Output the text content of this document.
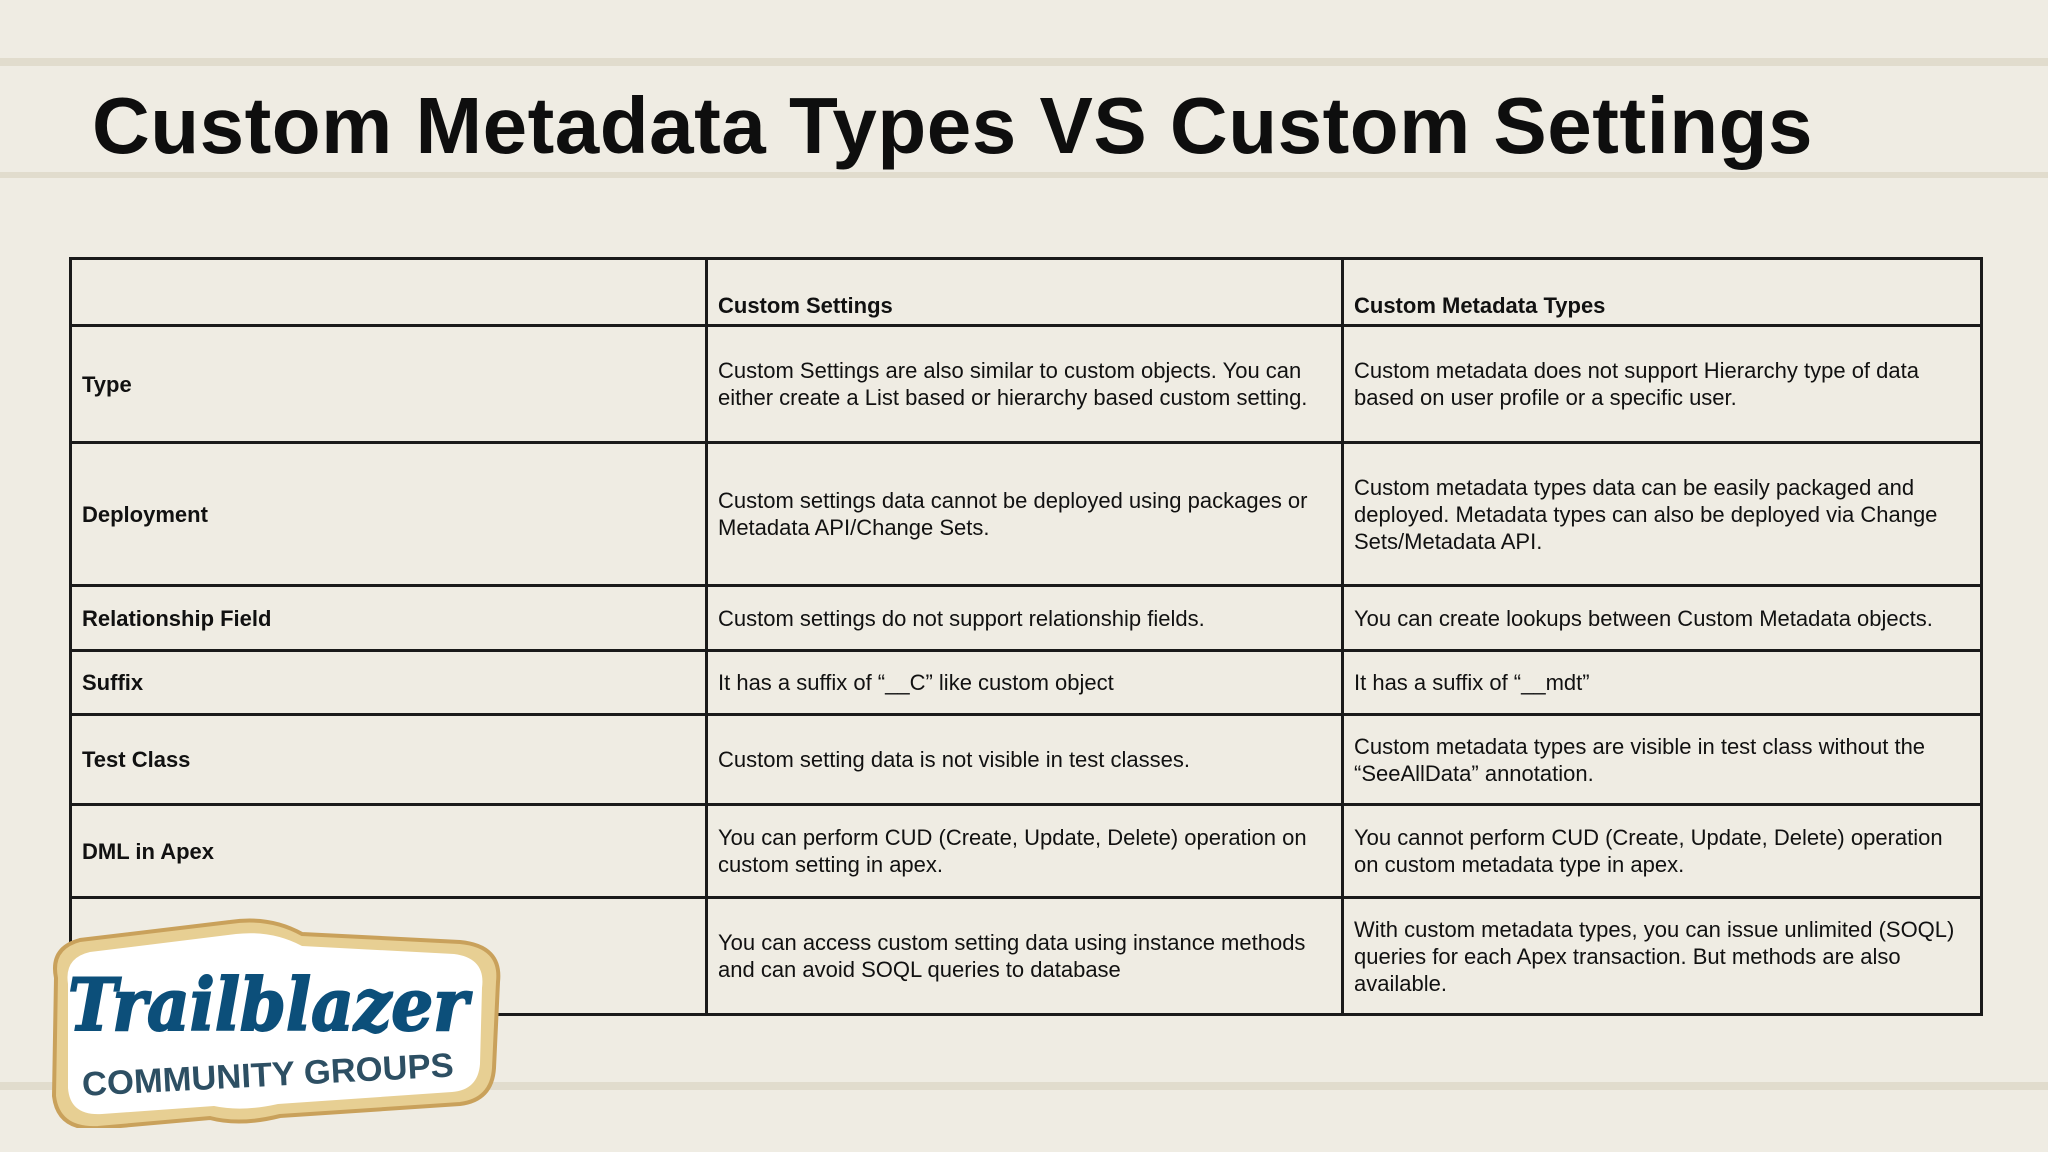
Custom Metadata Types VS Custom Settings
	Custom Settings	Custom Metadata Types
Type	Custom Settings are also similar to custom objects. You can either create a List based or hierarchy based custom setting.	Custom metadata does not support Hierarchy type of data based on user profile or a specific user.
Deployment	Custom settings data cannot be deployed using packages or Metadata API/Change Sets.	Custom metadata types data can be easily packaged and deployed. Metadata types can also be deployed via Change Sets/Metadata API.
Relationship Field	Custom settings do not support relationship fields.	You can create lookups between Custom Metadata objects.
Suffix	It has a suffix of “__C” like custom object	It has a suffix of “__mdt”
Test Class	Custom setting data is not visible in test classes.	Custom metadata types are visible in test class without the “SeeAllData” annotation.
DML in Apex	You can perform CUD (Create, Update, Delete) operation on custom setting in apex.	You cannot perform CUD (Create, Update, Delete) operation on custom metadata type in apex.
	You can access custom setting data using instance methods and can avoid SOQL queries to database	With custom metadata types, you can issue unlimited (SOQL) queries for each Apex transaction. But methods are also available.
Trailblazer
COMMUNITY GROUPS
